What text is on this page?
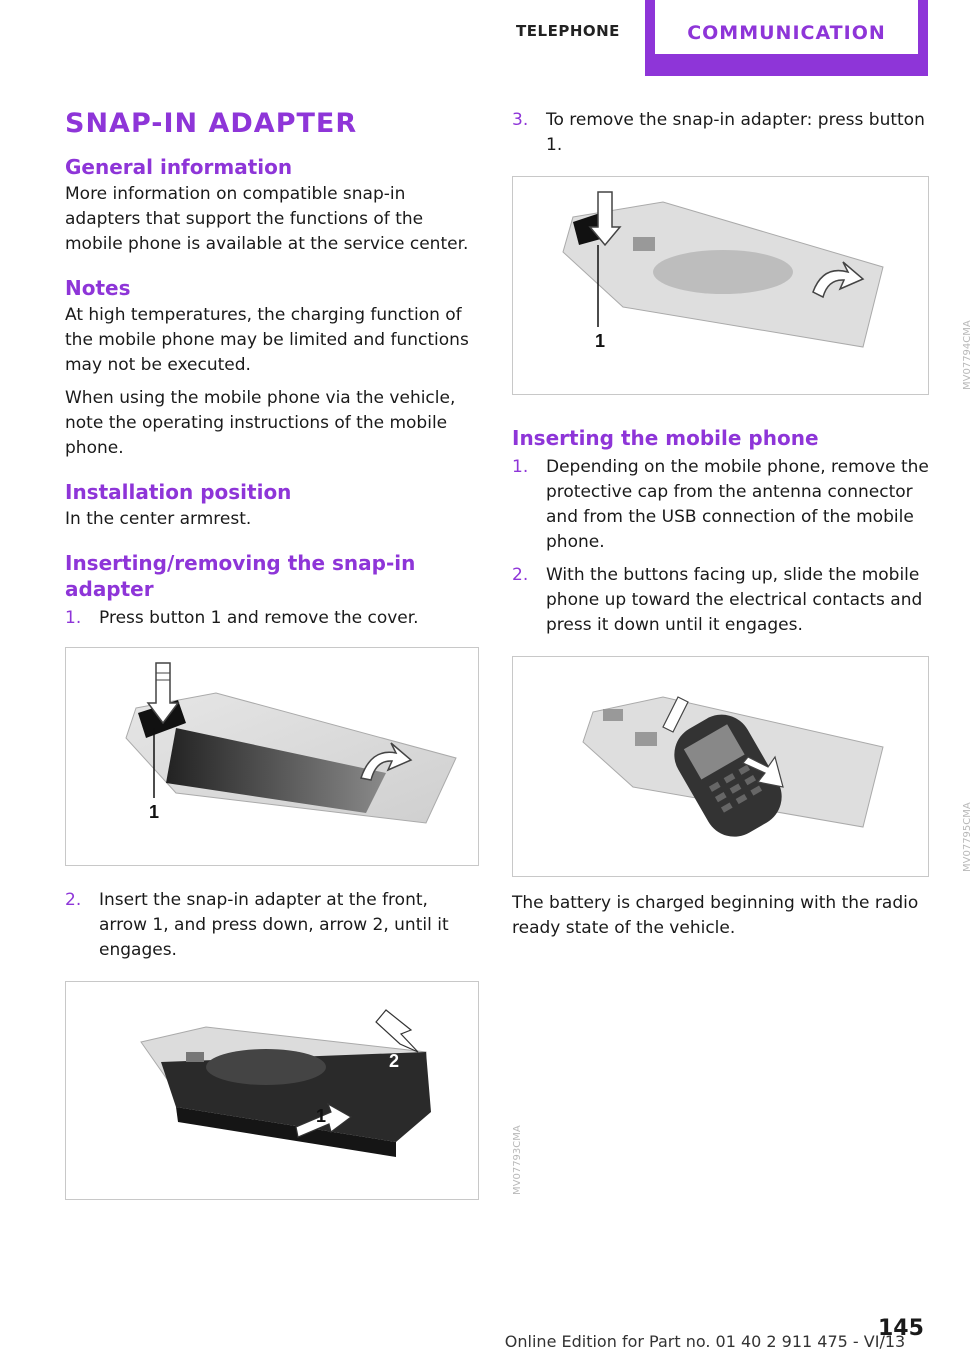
TELEPHONE	COMMUNICATION
SNAP-IN ADAPTER
General information

More information on compatible snap-in adapters that support the functions of the mobile phone is available at the service center.

Notes

At high temperatures, the charging function of the mobile phone may be limited and functions may not be executed.

When using the mobile phone via the vehicle, note the operating instructions of the mobile phone.

Installation position

In the center armrest.

Inserting/removing the snap-in adapter
1.	Press button 1 and remove the cover.
1
2.	Insert the snap-in adapter at the front, arrow 1, and press down, arrow 2, until it engages.
2
1
MV07793CMA
3.	To remove the snap-in adapter: press button 1.
1	MV07794CMA
Inserting the mobile phone
1.	Depending on the mobile phone, remove the protective cap from the antenna connector and from the USB connection of the mobile phone.
2.	With the buttons facing up, slide the mobile phone up toward the electrical contacts and press it down until it engages.
MV07795CMA

The battery is charged beginning with the radio ready state of the vehicle.

145
Online Edition for Part no. 01 40 2 911 475 - VI/13
